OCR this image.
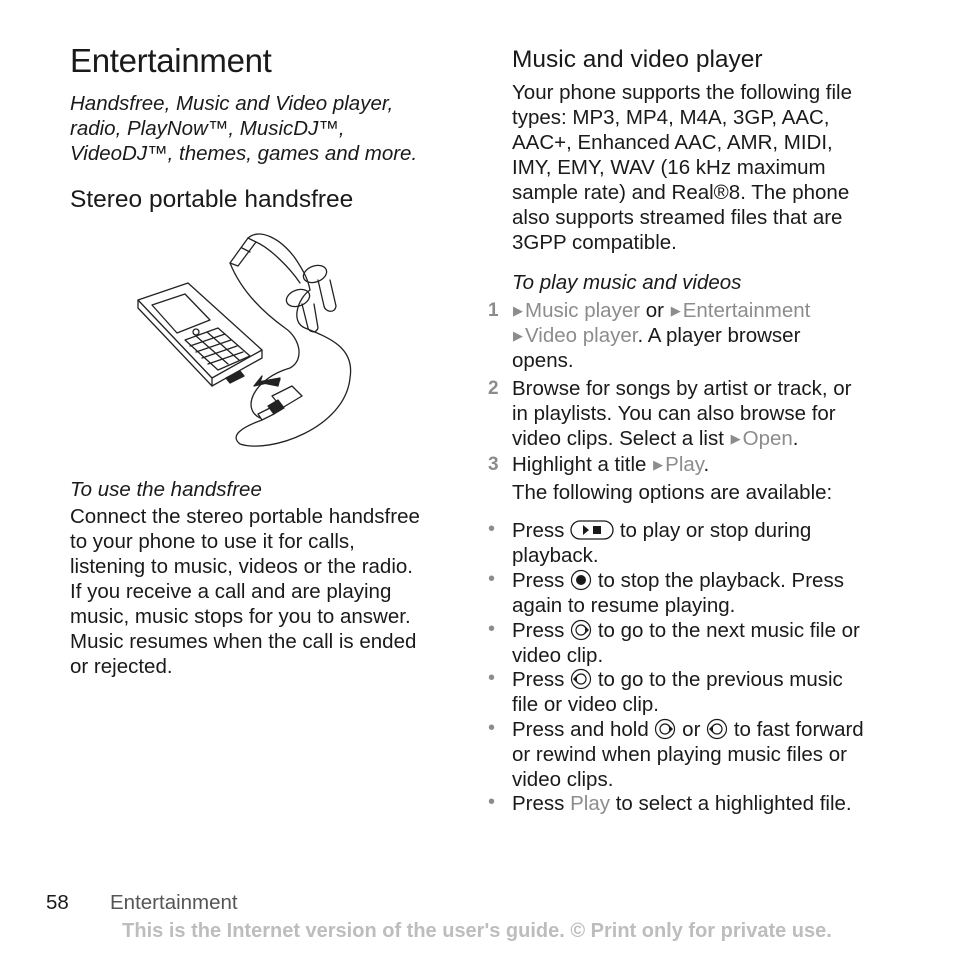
Entertainment
Handsfree, Music and Video player,
radio, PlayNow™, MusicDJ™,
VideoDJ™, themes, games and more.
Stereo portable handsfree
To use the handsfree
Connect the stereo portable handsfree
to your phone to use it for calls,
listening to music, videos or the radio.
If you receive a call and are playing
music, music stops for you to answer.
Music resumes when the call is ended
or rejected.
Music and video player
Your phone supports the following file
types: MP3, MP4, M4A, 3GP, AAC,
AAC+, Enhanced AAC, AMR, MIDI,
IMY, EMY, WAV (16 kHz maximum
sample rate) and Real®8. The phone
also supports streamed files that are
3GPP compatible.
To play music and videos
1 ▶Music player or ▶Entertainment
▶Video player. A player browser
opens.
2 Browse for songs by artist or track, or
in playlists. You can also browse for
video clips. Select a list ▶Open.
3 Highlight a title ▶Play.
The following options are available:
• Press	to play or stop during
playback.
• Press to stop the playback. Press
again to resume playing.
• Press to go to the next music file or
video clip.
• Press to go to the previous music
file or video clip.
• Press and hold or to fast forward
or rewind when playing music files or
video clips.
• Press Play to select a highlighted file.
58 Entertainment
This is the Internet version of the user's guide. © Print only for private use.
